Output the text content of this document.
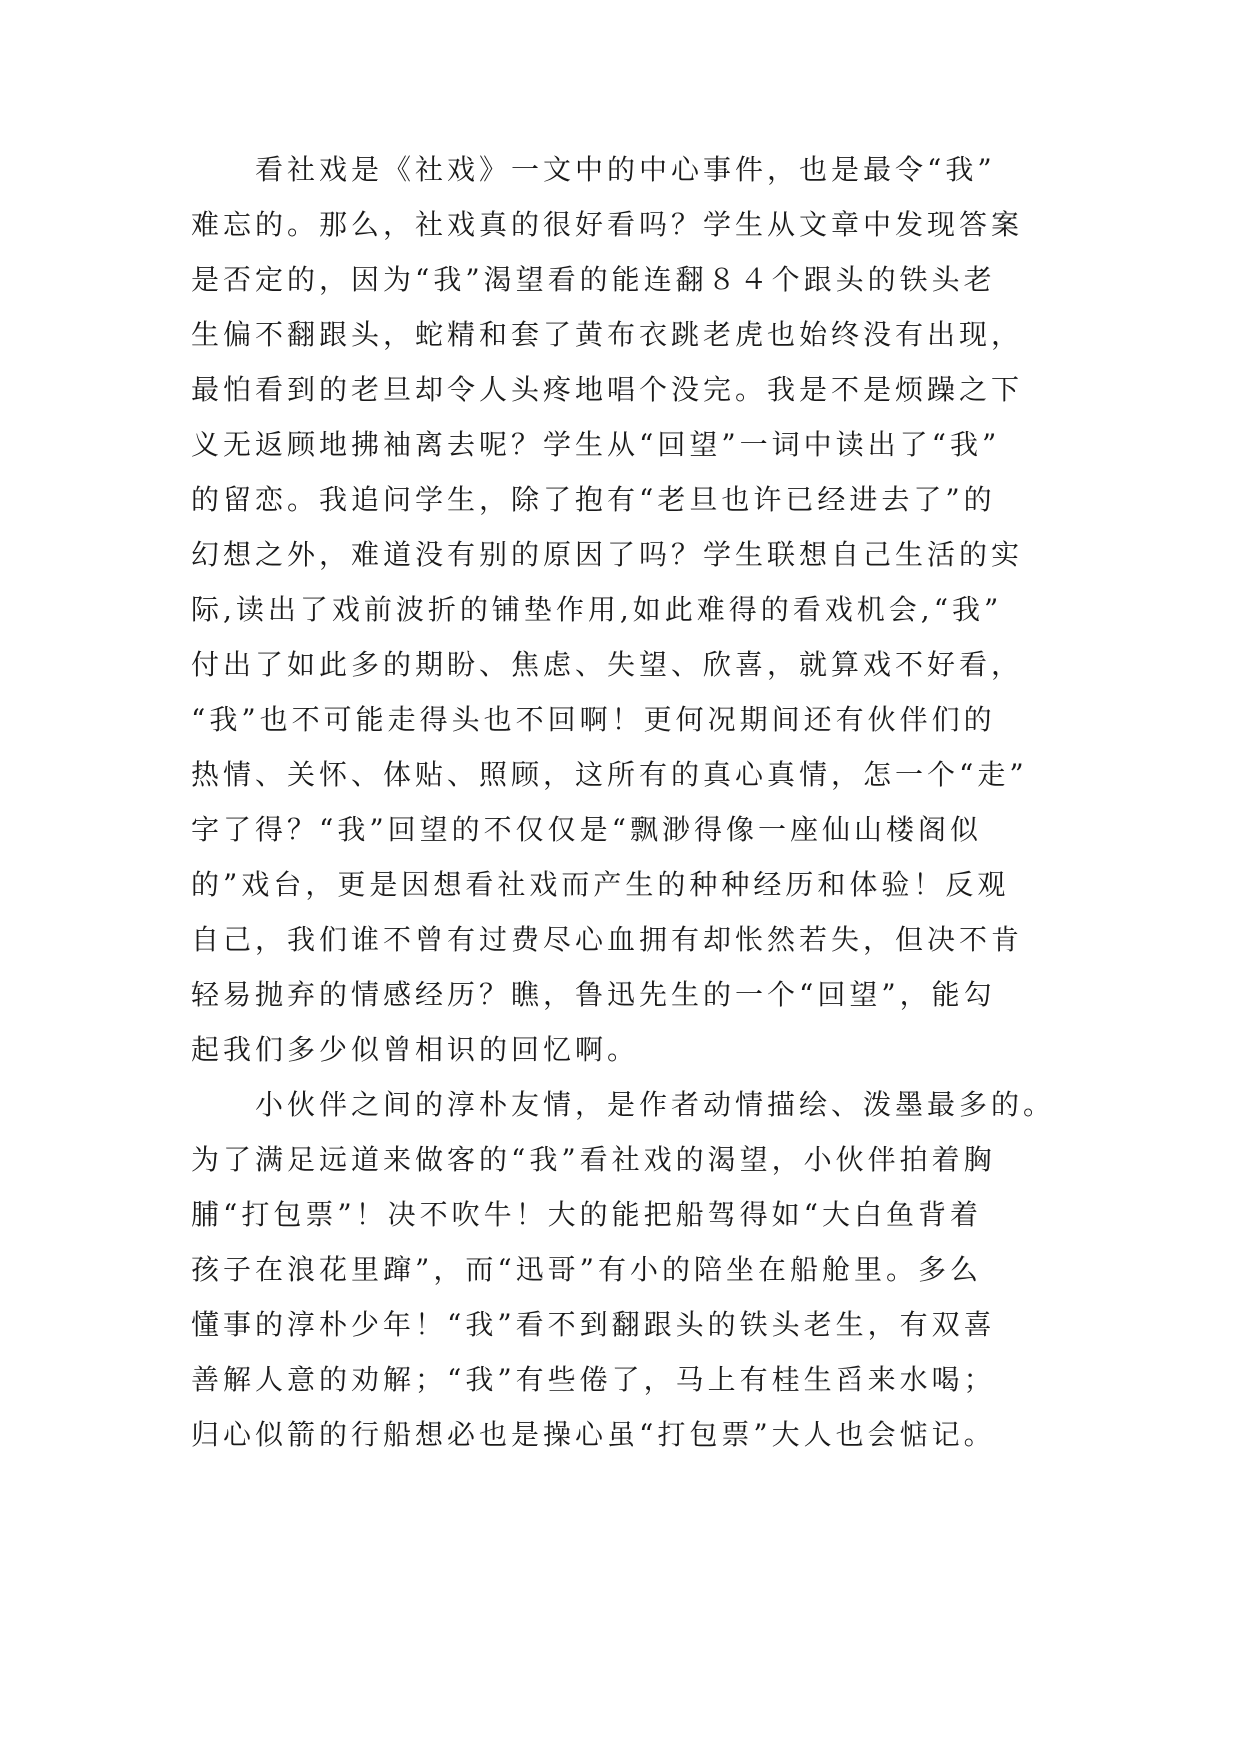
看社戏是《社戏》一文中的中心事件，也是最令“我”
难忘的。那么，社戏真的很好看吗？学生从文章中发现答案
是否定的，因为“我”渴望看的能连翻８４个跟头的铁头老
生偏不翻跟头，蛇精和套了黄布衣跳老虎也始终没有出现，
最怕看到的老旦却令人头疼地唱个没完。我是不是烦躁之下
义无返顾地拂袖离去呢？学生从“回望”一词中读出了“我”
的留恋。我追问学生，除了抱有“老旦也许已经进去了”的
幻想之外，难道没有别的原因了吗？学生联想自己生活的实
际,读出了戏前波折的铺垫作用,如此难得的看戏机会,“我”
付出了如此多的期盼、焦虑、失望、欣喜，就算戏不好看，
“我”也不可能走得头也不回啊！更何况期间还有伙伴们的
热情、关怀、体贴、照顾，这所有的真心真情，怎一个“走”
字了得？“我”回望的不仅仅是“飘渺得像一座仙山楼阁似
的”戏台，更是因想看社戏而产生的种种经历和体验！反观
自己，我们谁不曾有过费尽心血拥有却怅然若失，但决不肯
轻易抛弃的情感经历？瞧，鲁迅先生的一个“回望”，能勾
起我们多少似曾相识的回忆啊。
小伙伴之间的淳朴友情，是作者动情描绘、泼墨最多的。
为了满足远道来做客的“我”看社戏的渴望，小伙伴拍着胸
脯“打包票”！决不吹牛！大的能把船驾得如“大白鱼背着
孩子在浪花里蹿”，而“迅哥”有小的陪坐在船舱里。多么
懂事的淳朴少年！“我”看不到翻跟头的铁头老生，有双喜
善解人意的劝解；“我”有些倦了，马上有桂生舀来水喝；
归心似箭的行船想必也是操心虽“打包票”大人也会惦记。
